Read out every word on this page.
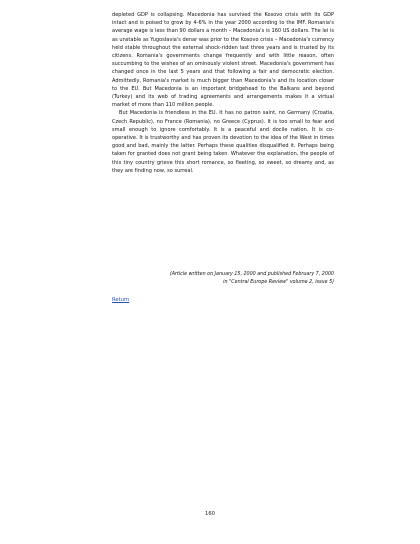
depleted GDP is collapsing. Macedonia has survived the Kosovo crisis with its GDP intact and is poised to grow by 4-6% in the year 2000 according to the IMF. Romania's average wage is less than 90 dollars a month – Macedonia's is 160 US dollars. The lei is as unstable as Yugoslavia's denar was prior to the Kosovo crisis – Macedonia's currency held stable throughout the external shock-ridden last three years and is trusted by its citizens. Romania's governments change frequently and with little reason, often succumbing to the wishes of an ominously violent street. Macedonia's government has changed once in the last 5 years and that following a fair and democratic election. Admittedly, Romania's market is much bigger than Macedonia's and its location closer to the EU. But Macedonia is an important bridgehead to the Balkans and beyond (Turkey) and its web of trading agreements and arrangements makes it a virtual market of more than 110 million people.

But Macedonia is friendless in the EU. It has no patron saint, no Germany (Croatia, Czech Republic), no France (Romania), no Greece (Cyprus). It is too small to fear and small enough to ignore comfortably. It is a peaceful and docile nation. It is co-operative. It is trustworthy and has proven its devotion to the idea of the West in times good and bad, mainly the latter. Perhaps these qualities disqualified it. Perhaps being taken for granted does not grant being taken. Whatever the explanation, the people of this tiny country grieve this short romance, so fleeting, so sweet, so dreamy and, as they are finding now, so surreal.

(Article written on January 15, 2000 and published February 7, 2000
in "Central Europe Review" volume 2, issue 5)
Return
160
